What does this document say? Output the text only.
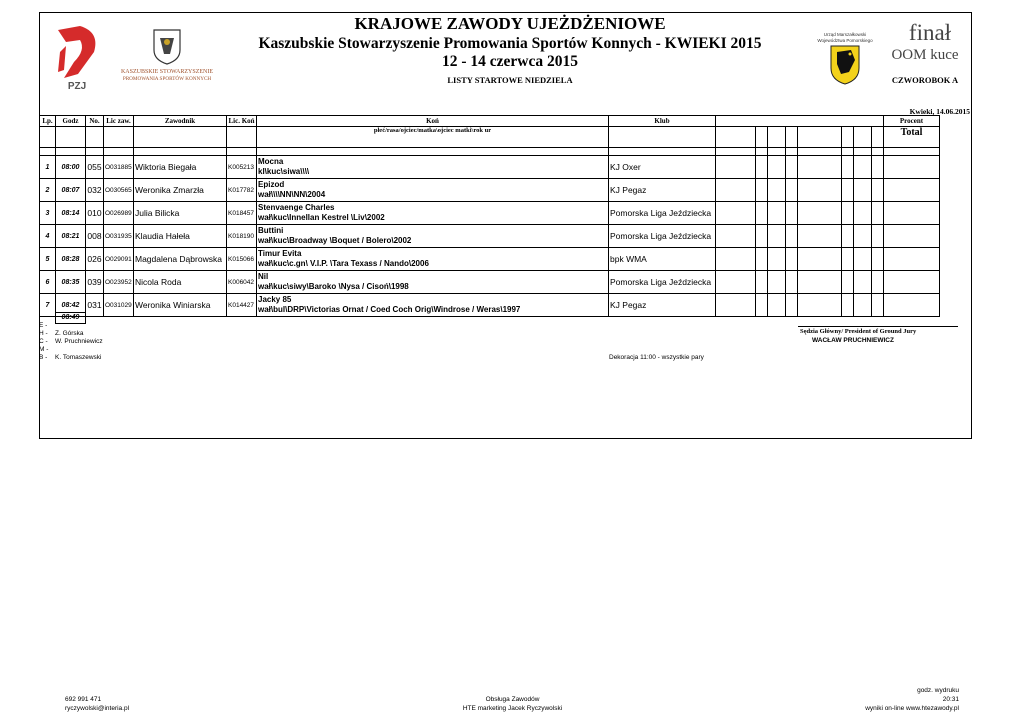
PZJ
KASZUBSKIE STOWARZYSZENIE
PROMOWANIA SPORTÓW KONNYCH
Urząd Marszałkowski
Województwa Pomorskiego
KRAJOWE ZAWODY UJEŻDŻENIOWE
Kaszubskie Stowarzyszenie Promowania Sportów Konnych - KWIEKI 2015
12 - 14 czerwca 2015
LISTY STARTOWE NIEDZIELA
finał
OOM kuce
CZWOROBOK A
Kwieki, 14.06.2015
Lp.	Godz	No.	Lic zaw.	Zawodnik	Lic. Koń	Koń	Klub									Procent
						płeć/rasa/ojciec/matka\ojciec matki\rok ur										Total

1	08:00	055	O031885	Wiktoria Biegała	K005213	Mocna
kl\kuc\siwa\\\\	KJ Oxer									
2	08:07	032	O030565	Weronika Zmarzła	K017782	Epizod
wał\\\\NN\NN\2004	KJ Pegaz									
3	08:14	010	O026989	Julia Bilicka	K018457	Stenvaenge Charles
wał\kuc\Innellan Kestrel \Liv\2002	Pomorska Liga Jeździecka									
4	08:21	008	O031935	Klaudia Hałeła	K018190	Buttini
wał\kuc\Broadway \Boquet / Bolero\2002	Pomorska Liga Jeździecka									
5	08:28	026	O029091	Magdalena Dąbrowska	K015066	Timur Evita
wał\kuc\c.gn\ V.I.P. \Tara Texass / Nando\2006	bpk WMA									
6	08:35	039	O023952	Nicola Roda	K006042	Nil
wał\kuc\siwy\Baroko \Nysa / Cisoń\1998	Pomorska Liga Jeździecka									
7	08:42	031	O031029	Weronika Winiarska	K014427	Jacky 85
wał\bul\DRP\Victorias Ornat / Coed Coch Orig\Windrose / Weras\1997	KJ Pegaz									
08:49
E -
H - Z. Górska
C - W. Pruchniewicz
M -
B - K. Tomaszewski
Sędzia Główny/ President of Ground Jury
WACŁAW PRUCHNIEWICZ
Dekoracja 11:00 - wszystkie pary
692 991 471
ryczywolski@interia.pl
Obsługa Zawodów
HTE marketing Jacek Ryczywolski
godz. wydruku
20:31
wyniki on-line www.htezawody.pl
